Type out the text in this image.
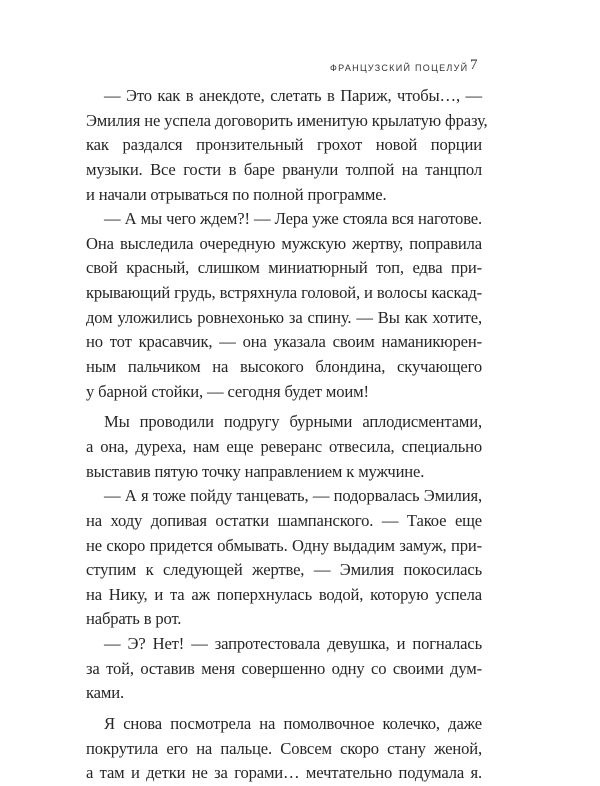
ФРАНЦУЗСКИЙ ПОЦЕЛУЙ 7
— Это как в анекдоте, слетать в Париж, чтобы…, —
Эмилия не успела договорить именитую крылатую фразу,
как раздался пронзительный грохот новой порции
музыки. Все гости в баре рванули толпой на танцпол
и начали отрываться по полной программе.
— А мы чего ждем?! — Лера уже стояла вся наготове.
Она выследила очередную мужскую жертву, поправила
свой красный, слишком миниатюрный топ, едва при-
крывающий грудь, встряхнула головой, и волосы каскад-
дом уложились ровнехонько за спину. — Вы как хотите,
но тот красавчик, — она указала своим наманикюрен-
ным пальчиком на высокого блондина, скучающего
у барной стойки, — сегодня будет моим!
Мы проводили подругу бурными аплодисментами,
а она, дуреха, нам еще реверанс отвесила, специально
выставив пятую точку направлением к мужчине.
— А я тоже пойду танцевать, — подорвалась Эмилия,
на ходу допивая остатки шампанского. — Такое еще
не скоро придется обмывать. Одну выдадим замуж, при-
ступим к следующей жертве, — Эмилия покосилась
на Нику, и та аж поперхнулась водой, которую успела
набрать в рот.
— Э? Нет! — запротестовала девушка, и погналась
за той, оставив меня совершенно одну со своими дум-
ками.
Я снова посмотрела на помолвочное колечко, даже
покрутила его на пальце. Совсем скоро стану женой,
а там и детки не за горами… мечтательно подумала я.
